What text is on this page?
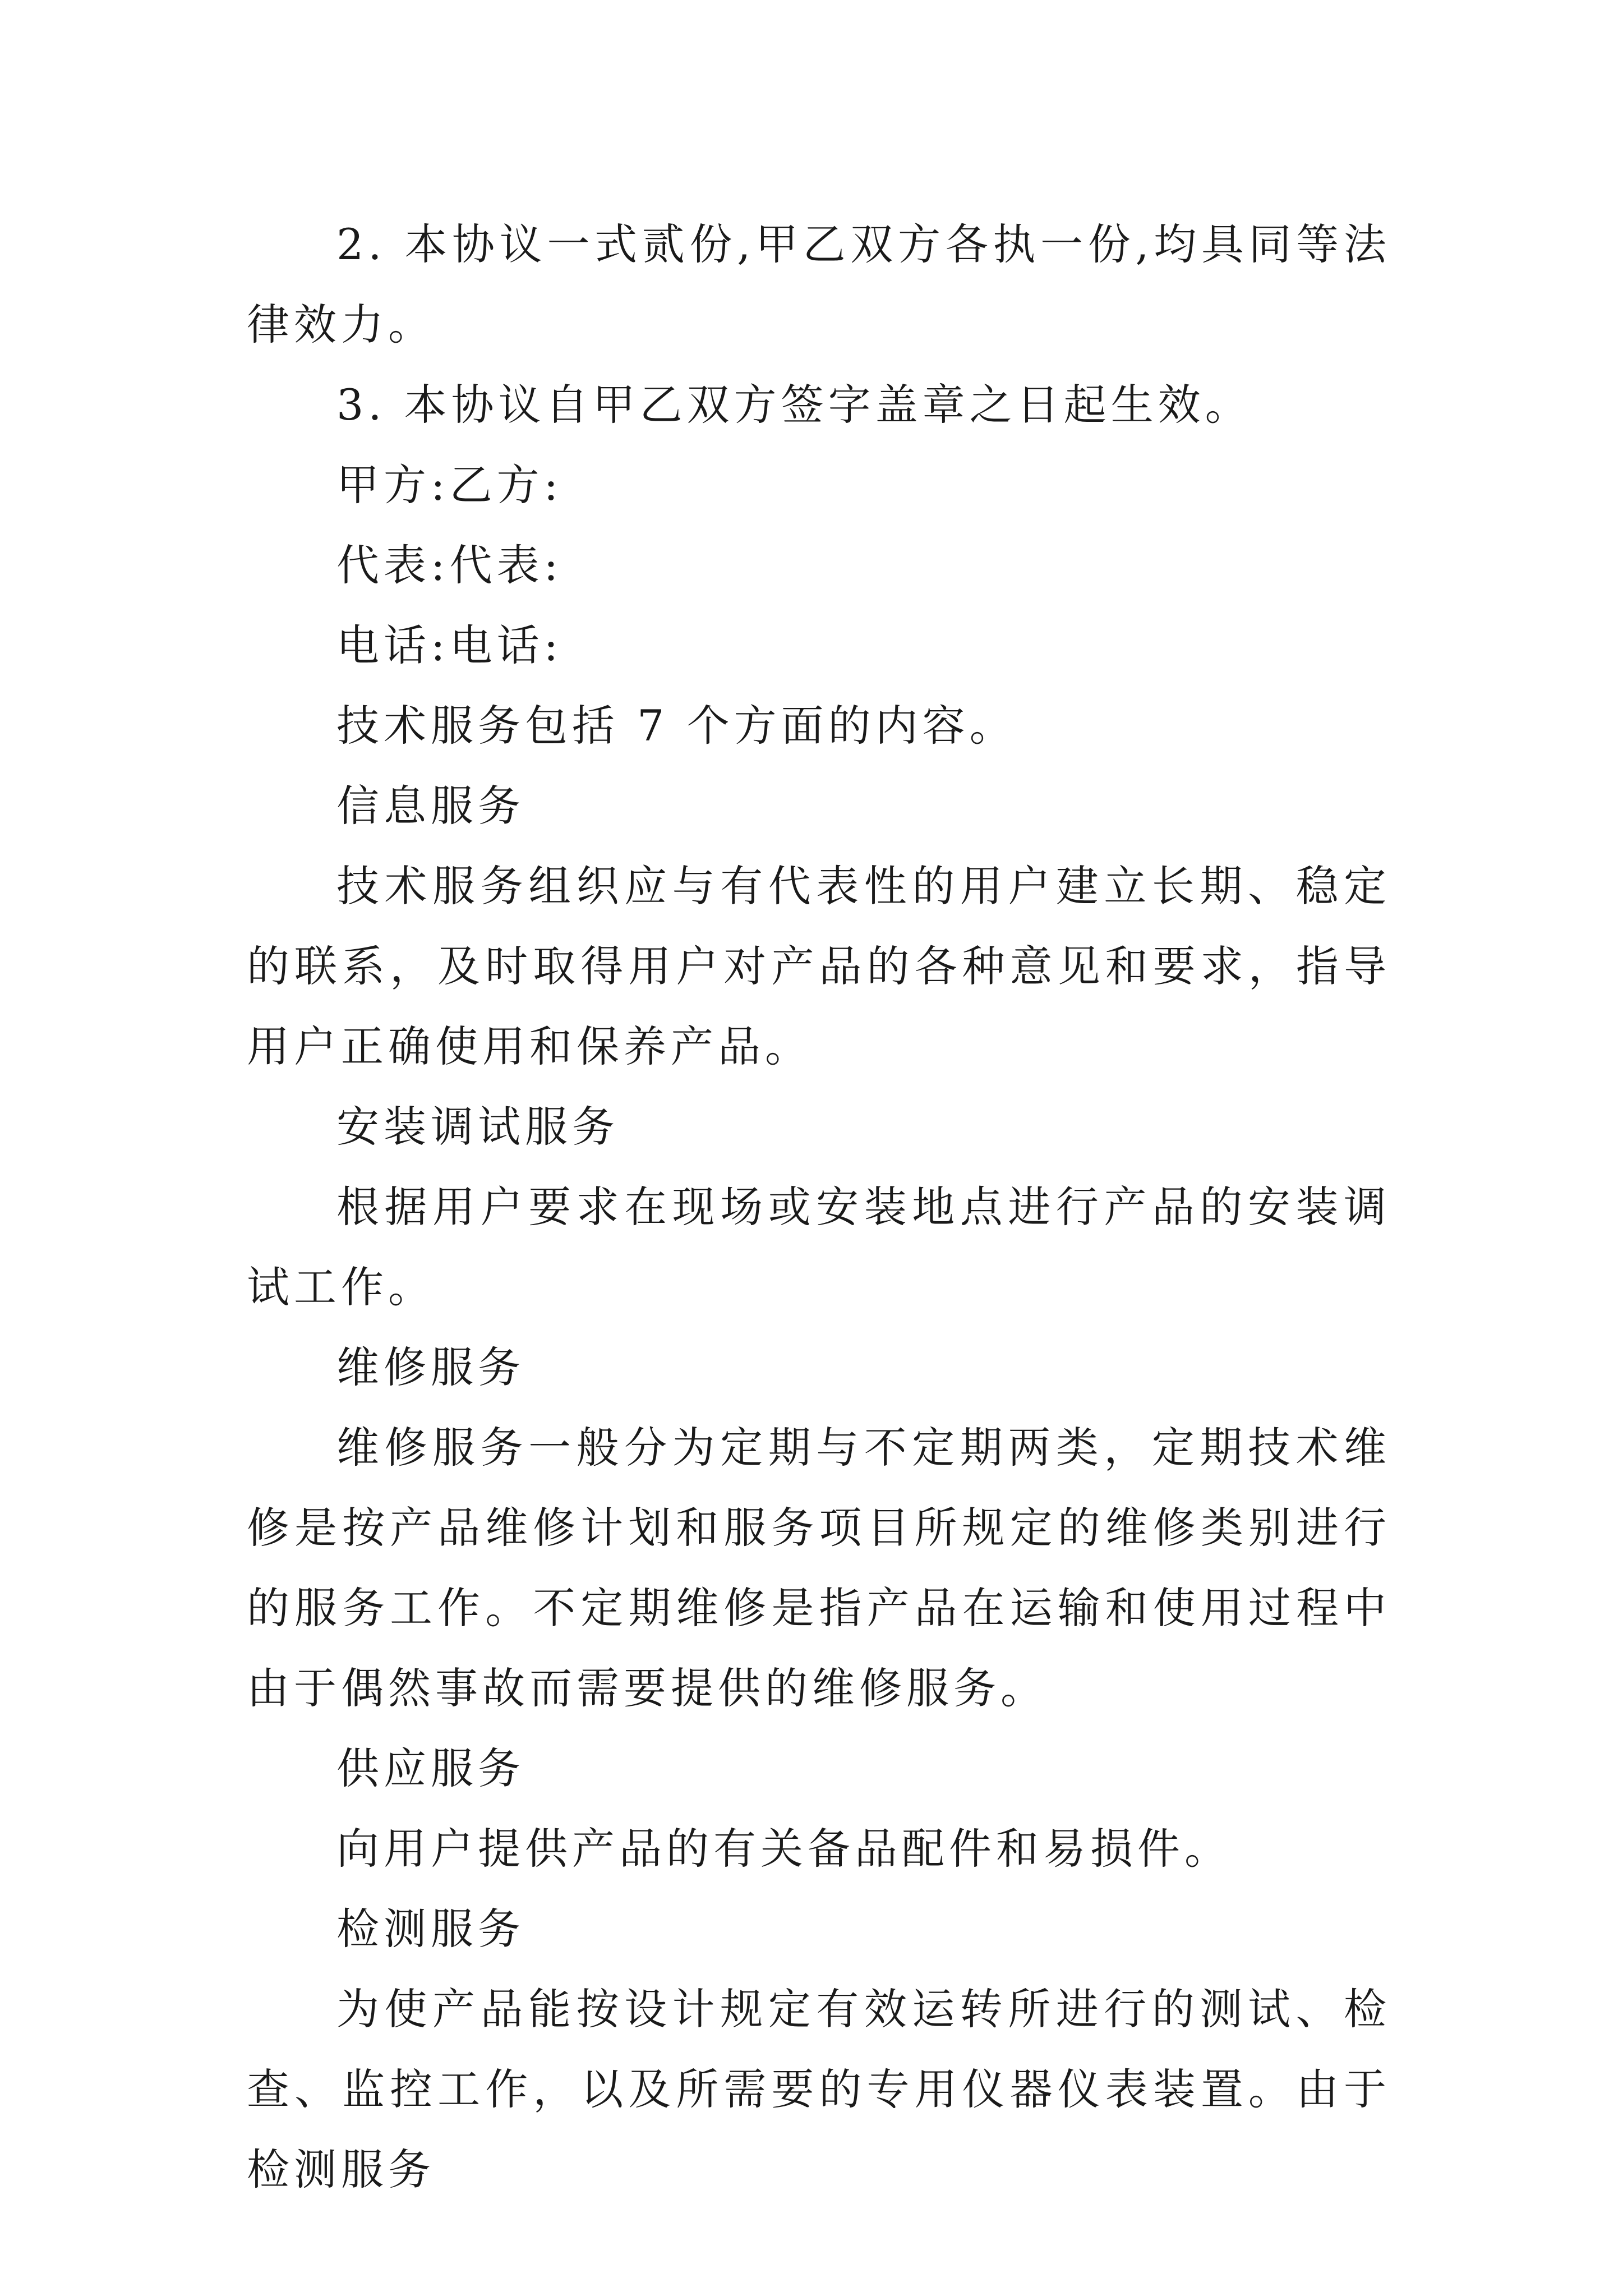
2. 本协议一式贰份,甲乙双方各执一份,均具同等法律效力。

3. 本协议自甲乙双方签字盖章之日起生效。

甲方:乙方:

代表:代表:

电话:电话:

技术服务包括 7 个方面的内容。

信息服务

技术服务组织应与有代表性的用户建立长期、稳定的联系，及时取得用户对产品的各种意见和要求，指导用户正确使用和保养产品。

安装调试服务

根据用户要求在现场或安装地点进行产品的安装调试工作。

维修服务

维修服务一般分为定期与不定期两类，定期技术维修是按产品维修计划和服务项目所规定的维修类别进行的服务工作。不定期维修是指产品在运输和使用过程中由于偶然事故而需要提供的维修服务。

供应服务

向用户提供产品的有关备品配件和易损件。

检测服务

为使产品能按设计规定有效运转所进行的测试、检查、监控工作，以及所需要的专用仪器仪表装置。由于检测服务
